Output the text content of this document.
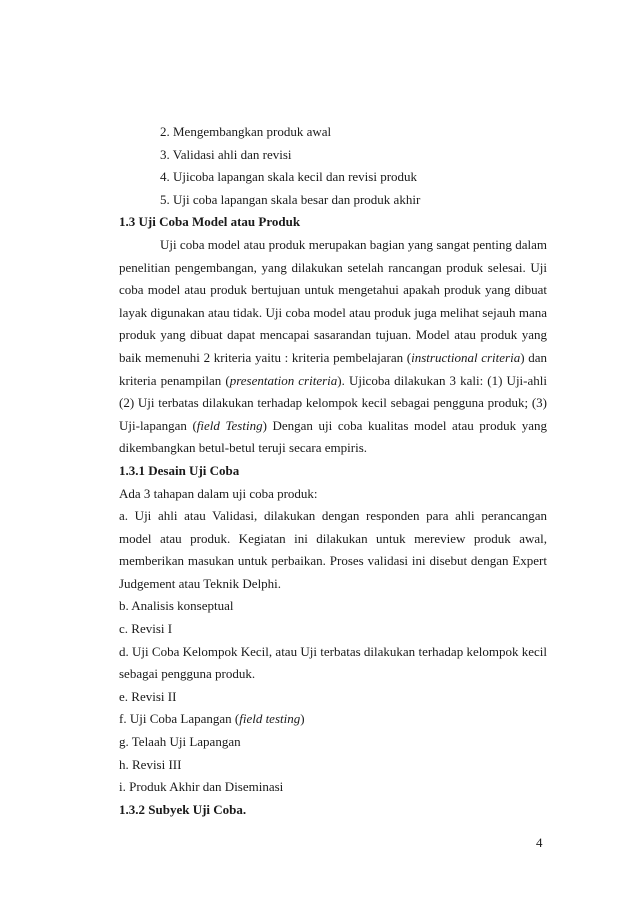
2. Mengembangkan produk awal
3. Validasi ahli dan revisi
4. Ujicoba lapangan skala kecil dan revisi produk
5. Uji coba lapangan skala besar dan produk akhir
1.3 Uji Coba Model atau Produk

Uji coba model atau produk merupakan bagian yang sangat penting dalam penelitian pengembangan, yang dilakukan setelah rancangan produk selesai. Uji coba model atau produk bertujuan untuk mengetahui apakah produk yang dibuat layak digunakan atau tidak. Uji coba model atau produk juga melihat sejauh mana produk yang dibuat dapat mencapai sasarandan tujuan. Model atau produk yang baik memenuhi 2 kriteria yaitu : kriteria pembelajaran (instructional criteria) dan kriteria penampilan (presentation criteria). Ujicoba dilakukan 3 kali: (1) Uji-ahli (2) Uji terbatas dilakukan terhadap kelompok kecil sebagai pengguna produk; (3) Uji-lapangan (field Testing) Dengan uji coba kualitas model atau produk yang dikembangkan betul-betul teruji secara empiris.

1.3.1 Desain Uji Coba
Ada 3 tahapan dalam uji coba produk:

a. Uji ahli atau Validasi, dilakukan dengan responden para ahli perancangan model atau produk. Kegiatan ini dilakukan untuk mereview produk awal, memberikan masukan untuk perbaikan. Proses validasi ini disebut dengan Expert Judgement atau Teknik Delphi.

b. Analisis konseptual
c. Revisi I

d. Uji Coba Kelompok Kecil, atau Uji terbatas dilakukan terhadap kelompok kecil sebagai pengguna produk.

e. Revisi II
f. Uji Coba Lapangan (field testing)
g. Telaah Uji Lapangan
h. Revisi III
i. Produk Akhir dan Diseminasi
1.3.2 Subyek Uji Coba.
4
